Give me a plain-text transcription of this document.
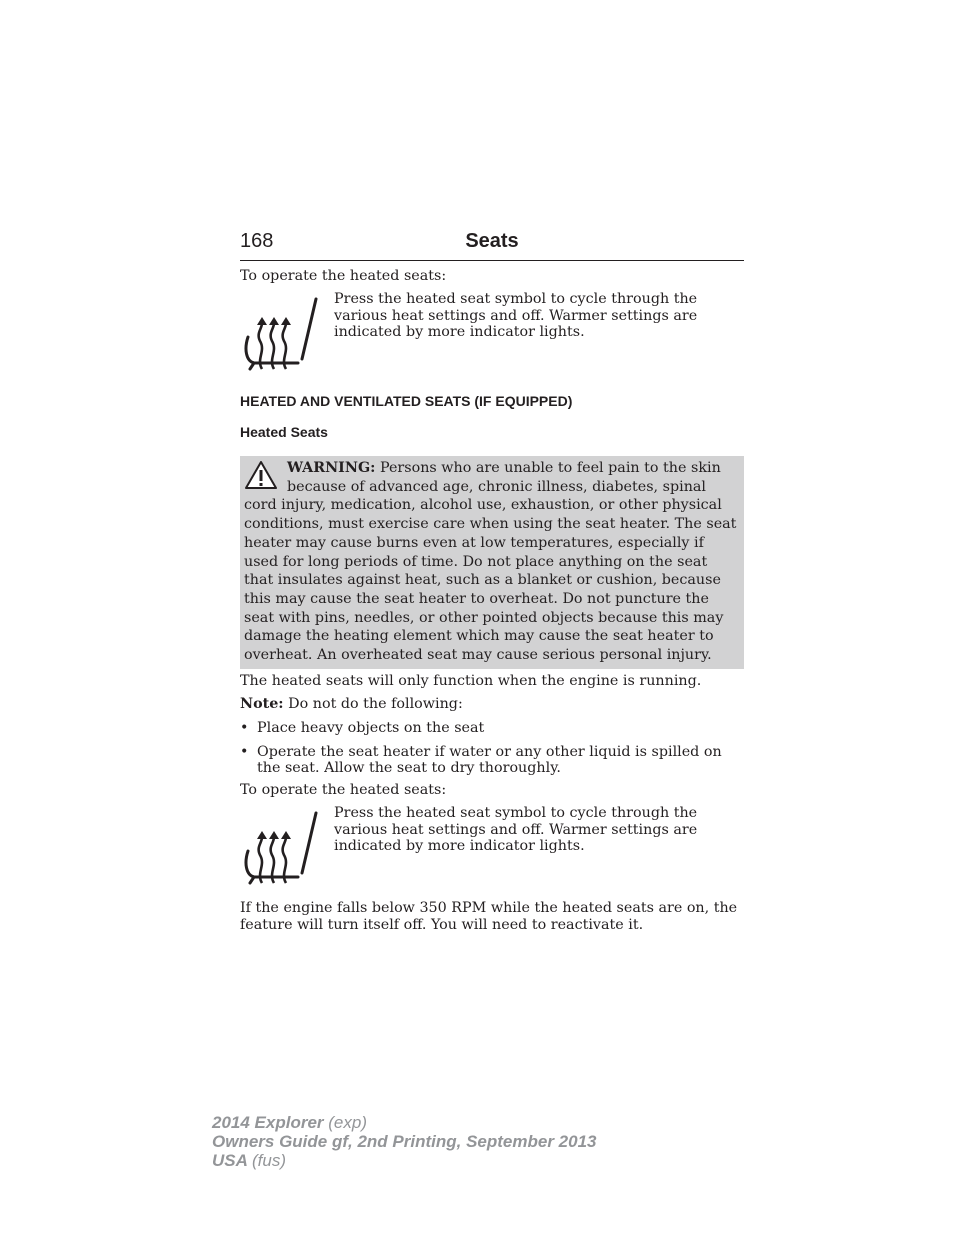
168	Seats

To operate the heated seats:

Press the heated seat symbol to cycle through the various heat settings and off. Warmer settings are indicated by more indicator lights.

HEATED AND VENTILATED SEATS (IF EQUIPPED)
Heated Seats

WARNING: Persons who are unable to feel pain to the skin
because of advanced age, chronic illness, diabetes, spinal cord injury, medication, alcohol use, exhaustion, or other physical conditions, must exercise care when using the seat heater. The seat heater may cause burns even at low temperatures, especially if used for long periods of time. Do not place anything on the seat that insulates against heat, such as a blanket or cushion, because this may cause the seat heater to overheat. Do not puncture the seat with pins, needles, or other pointed objects because this may damage the heating element which may cause the seat heater to overheat. An overheated seat may cause serious personal injury.

The heated seats will only function when the engine is running.

Note: Do not do the following:

• Place heavy objects on the seat
• Operate the seat heater if water or any other liquid is spilled on the seat. Allow the seat to dry thoroughly.

To operate the heated seats:

Press the heated seat symbol to cycle through the various heat settings and off. Warmer settings are indicated by more indicator lights.

If the engine falls below 350 RPM while the heated seats are on, the feature will turn itself off. You will need to reactivate it.

2014 Explorer (exp)
Owners Guide gf, 2nd Printing, September 2013
USA (fus)
